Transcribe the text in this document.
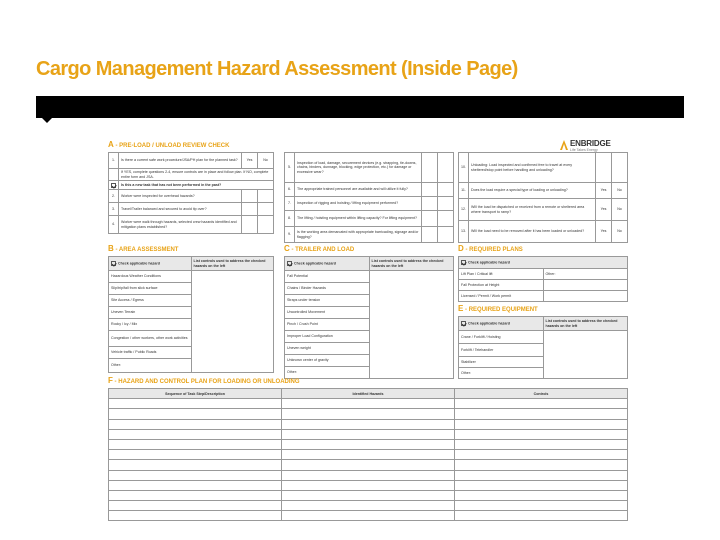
Cargo Management Hazard Assessment (Inside Page)
ENBRIDGE
Life Takes Energy
A - PRE-LOAD / UNLOAD REVIEW CHECK
1.	Is there a current safe work procedure/JSA/PH plan for the planned task?	Yes	No
	If YES, complete questions 2-4, ensure controls are in place and follow plan. If NO, complete entire form and JSA.		
	Is this a new task that has not been performed in the past?		
2.	Worker were inspected for overhead hazards?		
3.	Travel/Trailer balanced and secured to avoid tip over?		
4.	Worker were walk through hazards, selected crew hazards identified and mitigation plans established?		
5.	Inspection of load, damage, securement devices (e.g. strapping, tie-downs, chains, binders, dunnage, blocking, edge protection, etc.) for damage or excessive wear?		
6.	The appropriate trained personnel are available and will utilize it fully?		
7.	Inspection of rigging and hoisting / lifting equipment performed?		
8.	The lifting / hoisting equipment within lifting capacity? For lifting equipment?		
9.	Is the working area demarcated with appropriate barricading, signage and/or flagging?		
10.	Unloading: Load inspected and confirmed free to travel at every sheltered/stop point before handling and unloading?		
11.	Does the load require a special type of loading or unloading?	Yes	No
12.	Will the load be dispatched or received from a remote or sheltered area where transport to ramp?	Yes	No
13.	Will the load need to be removed after it has been loaded or unloaded?	Yes	No
B - AREA ASSESSMENT
Check applicable hazard	List controls used to address the checked hazards on the left
Hazardous Weather Conditions	
Slip/trip/fall from slick surface	
Site Access / Egress	
Uneven Terrain	
Rocky / Icy / Mix	
Congestion / other workers, other work activities	
Vehicle traffic / Public Roads	
Other:	
C - TRAILER AND LOAD
Check applicable hazard	List controls used to address the checked hazards on the left
Fall Potential	
Chains / Binder Hazards	
Straps under tension	
Uncontrolled Movement	
Pinch / Crush Point	
Improper Load Configuration	
Uneven weight	
Unknown center of gravity	
Other:	
D - REQUIRED PLANS
Check applicable hazard	
Lift Plan / Critical lift	Other:
Fall Protection at Height	
Licensed / Permit / Work permit	
E - REQUIRED EQUIPMENT
Check applicable hazard	List controls used to address the checked hazards on the left
Crane / Forklift / Hoisting	
Forklift / Telehandler	
Stabilizer	
Other:	
F - HAZARD AND CONTROL PLAN FOR LOADING OR UNLOADING
Sequence of Task Step/Description	Identified Hazards	Controls
